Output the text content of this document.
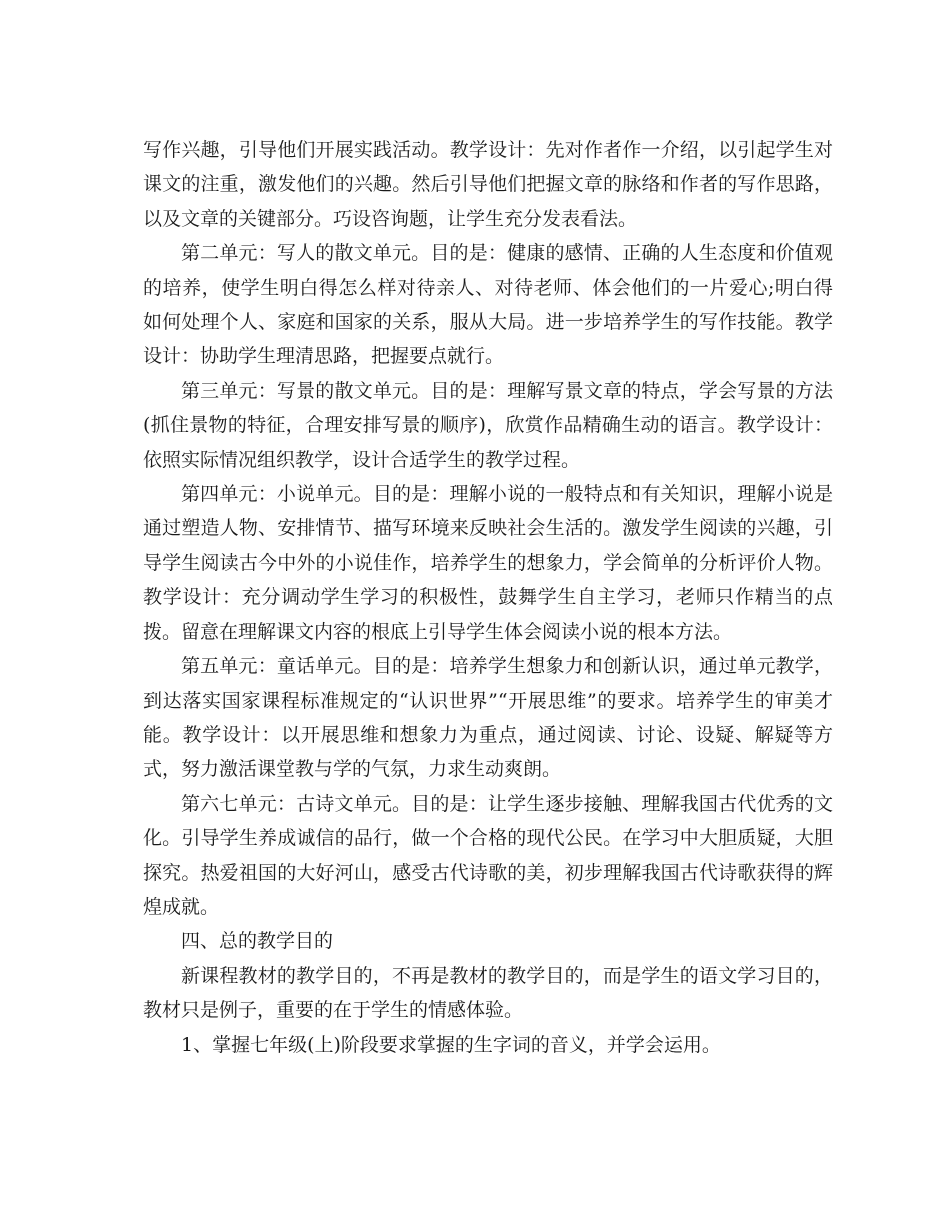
写作兴趣，引导他们开展实践活动。教学设计：先对作者作一介绍，以引起学生对课文的注重，激发他们的兴趣。然后引导他们把握文章的脉络和作者的写作思路，以及文章的关键部分。巧设咨询题，让学生充分发表看法。

第二单元：写人的散文单元。目的是：健康的感情、正确的人生态度和价值观的培养，使学生明白得怎么样对待亲人、对待老师、体会他们的一片爱心;明白得如何处理个人、家庭和国家的关系，服从大局。进一步培养学生的写作技能。教学设计：协助学生理清思路，把握要点就行。

第三单元：写景的散文单元。目的是：理解写景文章的特点，学会写景的方法(抓住景物的特征，合理安排写景的顺序)，欣赏作品精确生动的语言。教学设计：依照实际情况组织教学，设计合适学生的教学过程。

第四单元：小说单元。目的是：理解小说的一般特点和有关知识，理解小说是通过塑造人物、安排情节、描写环境来反映社会生活的。激发学生阅读的兴趣，引导学生阅读古今中外的小说佳作，培养学生的想象力，学会简单的分析评价人物。教学设计：充分调动学生学习的积极性，鼓舞学生自主学习，老师只作精当的点拨。留意在理解课文内容的根底上引导学生体会阅读小说的根本方法。

第五单元：童话单元。目的是：培养学生想象力和创新认识，通过单元教学，到达落实国家课程标准规定的“认识世界”“开展思维”的要求。培养学生的审美才能。教学设计：以开展思维和想象力为重点，通过阅读、讨论、设疑、解疑等方式，努力激活课堂教与学的气氛，力求生动爽朗。

第六七单元：古诗文单元。目的是：让学生逐步接触、理解我国古代优秀的文化。引导学生养成诚信的品行，做一个合格的现代公民。在学习中大胆质疑，大胆探究。热爱祖国的大好河山，感受古代诗歌的美，初步理解我国古代诗歌获得的辉煌成就。

四、总的教学目的

新课程教材的教学目的，不再是教材的教学目的，而是学生的语文学习目的，教材只是例子，重要的在于学生的情感体验。

1、掌握七年级(上)阶段要求掌握的生字词的音义，并学会运用。
